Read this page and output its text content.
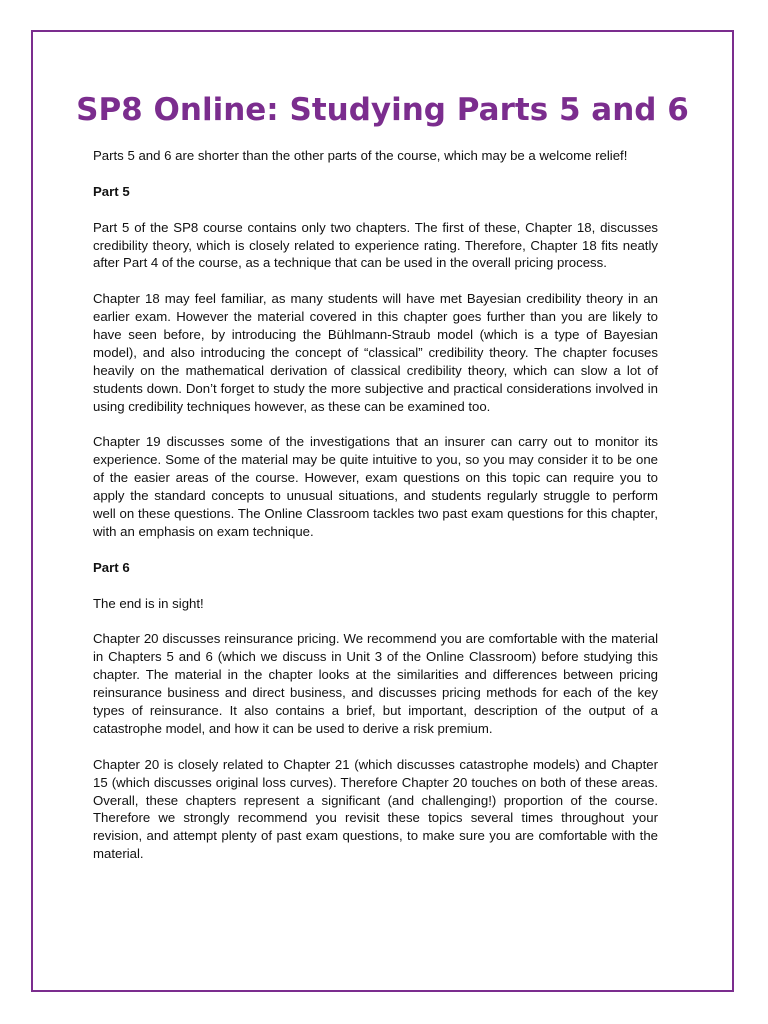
SP8 Online: Studying Parts 5 and 6

Parts 5 and 6 are shorter than the other parts of the course, which may be a welcome relief!

Part 5

Part 5 of the SP8 course contains only two chapters. The first of these, Chapter 18, discusses credibility theory, which is closely related to experience rating. Therefore, Chapter 18 fits neatly after Part 4 of the course, as a technique that can be used in the overall pricing process.

Chapter 18 may feel familiar, as many students will have met Bayesian credibility theory in an earlier exam. However the material covered in this chapter goes further than you are likely to have seen before, by introducing the Bühlmann-Straub model (which is a type of Bayesian model), and also introducing the concept of “classical” credibility theory. The chapter focuses heavily on the mathematical derivation of classical credibility theory, which can slow a lot of students down. Don’t forget to study the more subjective and practical considerations involved in using credibility techniques however, as these can be examined too.

Chapter 19 discusses some of the investigations that an insurer can carry out to monitor its experience. Some of the material may be quite intuitive to you, so you may consider it to be one of the easier areas of the course. However, exam questions on this topic can require you to apply the standard concepts to unusual situations, and students regularly struggle to perform well on these questions. The Online Classroom tackles two past exam questions for this chapter, with an emphasis on exam technique.

Part 6

The end is in sight!

Chapter 20 discusses reinsurance pricing. We recommend you are comfortable with the material in Chapters 5 and 6 (which we discuss in Unit 3 of the Online Classroom) before studying this chapter. The material in the chapter looks at the similarities and differences between pricing reinsurance business and direct business, and discusses pricing methods for each of the key types of reinsurance. It also contains a brief, but important, description of the output of a catastrophe model, and how it can be used to derive a risk premium.

Chapter 20 is closely related to Chapter 21 (which discusses catastrophe models) and Chapter 15 (which discusses original loss curves). Therefore Chapter 20 touches on both of these areas. Overall, these chapters represent a significant (and challenging!) proportion of the course. Therefore we strongly recommend you revisit these topics several times throughout your revision, and attempt plenty of past exam questions, to make sure you are comfortable with the material.
